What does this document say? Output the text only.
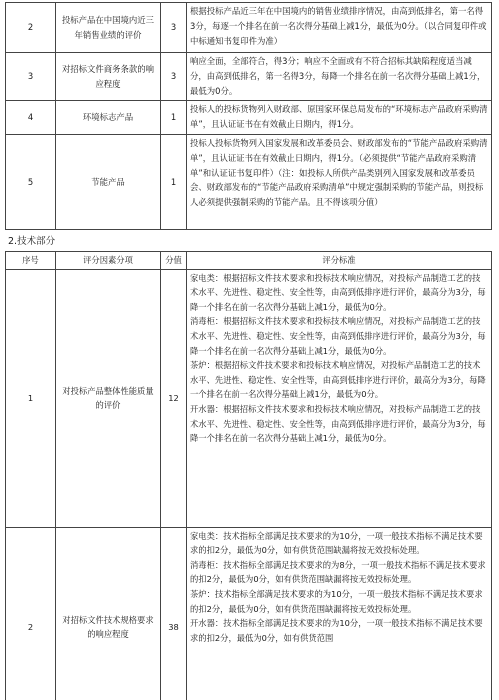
2	投标产品在中国境内近三年销售业绩的评价	3	根据投标产品近三年在中国境内的销售业绩排序情况，由高到低排名，第一名得3分，每逐一个排名在前一名次得分基础上减1分，最低为0分。（以合同复印件或中标通知书复印件为准）
3	对招标文件商务条款的响应程度	3	响应全面，全部符合，得3分；响应不全面或有不符合招标其缺陷程度适当减分，由高到低排名，第一名得3分，每降一个排名在前一名次得分基础上减1分，最低为0分。
4	环境标志产品	1	投标人的投标货物列入财政部、原国家环保总局发布的“环境标志产品政府采购清单”，且认证证书在有效截止日期内，得1分。
5	节能产品	1	投标人投标货物列入国家发展和改革委员会、财政部发布的“节能产品政府采购清单”，且认证证书在有效截止日期内，得1分。（必须提供“节能产品政府采购清单”和认证证书复印件）（注：如投标人所供产品类别列入国家发展和改革委员会、财政部发布的“节能产品政府采购清单”中规定强制采购的节能产品，则投标人必须提供强制采购的节能产品。且不得该项分值）
2.技术部分
序号	评分因素分项	分值	评分标准
1	对投标产品整体性能质量的评价	12	家电类：根据招标文件技术要求和投标技术响应情况，对投标产品制造工艺的技术水平、先进性、稳定性、安全性等，由高到低排序进行评价，最高分为3分，每降一个排名在前一名次得分基础上减1分，最低为0分。
消毒柜：根据招标文件技术要求和投标技术响应情况，对投标产品制造工艺的技术水平、先进性、稳定性、安全性等，由高到低排序进行评价，最高分为3分，每降一个排名在前一名次得分基础上减1分，最低为0分。
茶炉：根据招标文件技术要求和投标技术响应情况，对投标产品制造工艺的技术水平、先进性、稳定性、安全性等，由高到低排序进行评价，最高分为3分，每降一个排名在前一名次得分基础上减1分，最低为0分。
开水器：根据招标文件技术要求和投标技术响应情况，对投标产品制造工艺的技术水平、先进性、稳定性、安全性等，由高到低排序进行评价，最高分为3分，每降一个排名在前一名次得分基础上减1分，最低为0分。

2	对招标文件技术规格要求的响应程度	38	家电类：技术指标全部满足技术要求的为10分，一项一般技术指标不满足技术要求的扣2分，最低为0分，如有供货范围缺漏将按无效投标处理。
消毒柜：技术指标全部满足技术要求的为8分，一项一般技术指标不满足技术要求的扣2分，最低为0分，如有供货范围缺漏将按无效投标处理。
茶炉：技术指标全部满足技术要求的为10分，一项一般技术指标不满足技术要求的扣2分，最低为0分，如有供货范围缺漏将按无效投标处理。
开水器：技术指标全部满足技术要求的为10分，一项一般技术指标不满足技术要求的扣2分，最低为0分，如有供货范围
